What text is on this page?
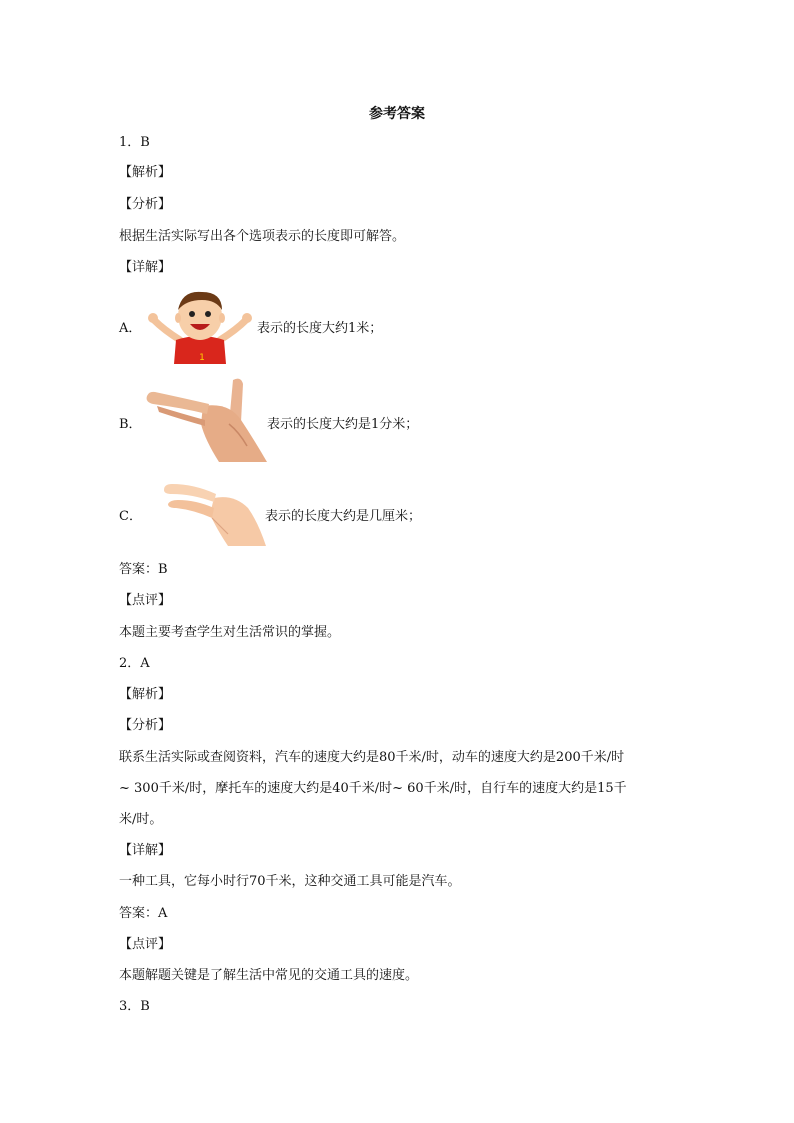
参考答案
1．B
【解析】
【分析】
根据生活实际写出各个选项表示的长度即可解答。
【详解】
A．
1
表示的长度大约1米；
B．	表示的长度大约是1分米；
C．	表示的长度大约是几厘米；
答案：B
【点评】
本题主要考查学生对生活常识的掌握。
2．A
【解析】
【分析】
联系生活实际或查阅资料，汽车的速度大约是80千米/时，动车的速度大约是200千米/时
~ 300千米/时，摩托车的速度大约是40千米/时~ 60千米/时，自行车的速度大约是15千
米/时。
【详解】
一种工具，它每小时行70千米，这种交通工具可能是汽车。
答案：A
【点评】
本题解题关键是了解生活中常见的交通工具的速度。
3．B
